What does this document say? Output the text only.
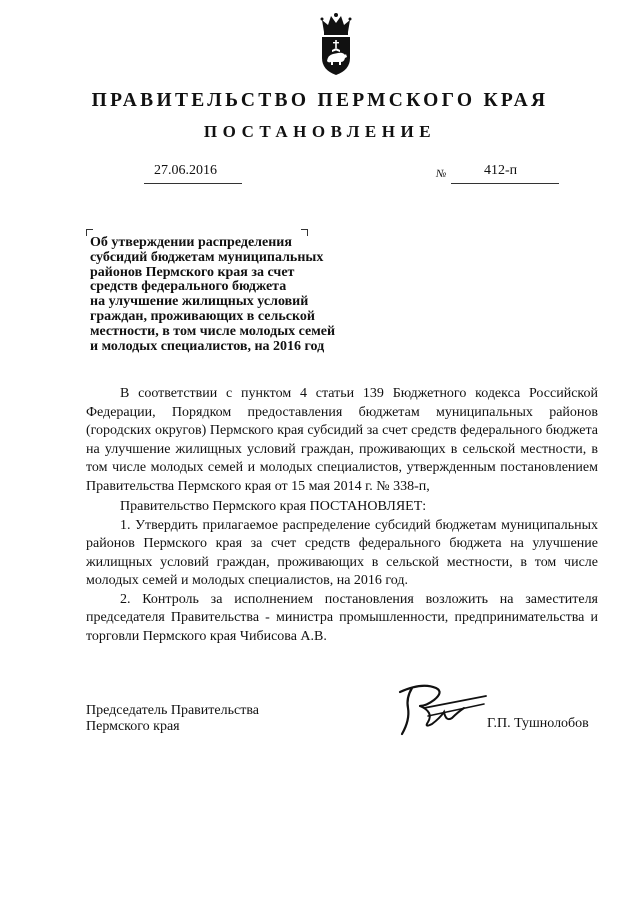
ПРАВИТЕЛЬСТВО ПЕРМСКОГО КРАЯ
ПОСТАНОВЛЕНИЕ
27.06.2016	№	412-п
Об утверждении распределения
субсидий бюджетам муниципальных
районов Пермского края за счет
средств федерального бюджета
на улучшение жилищных условий
граждан, проживающих в сельской
местности, в том числе молодых семей
и молодых специалистов, на 2016 год

В соответствии с пунктом 4 статьи 139 Бюджетного кодекса Российской Федерации, Порядком предоставления бюджетам муниципальных районов (городских округов) Пермского края субсидий за счет средств федерального бюджета на улучшение жилищных условий граждан, проживающих в сельской местности, в том числе молодых семей и молодых специалистов, утвержденным постановлением Правительства Пермского края от 15 мая 2014 г. № 338-п,

Правительство Пермского края ПОСТАНОВЛЯЕТ:

1. Утвердить прилагаемое распределение субсидий бюджетам муниципальных районов Пермского края за счет средств федерального бюджета на улучшение жилищных условий граждан, проживающих в сельской местности, в том числе молодых семей и молодых специалистов, на 2016 год.

2. Контроль за исполнением постановления возложить на заместителя председателя Правительства - министра промышленности, предпринимательства и торговли Пермского края Чибисова А.В.

Председатель Правительства
Пермского края	Г.П. Тушнолобов
